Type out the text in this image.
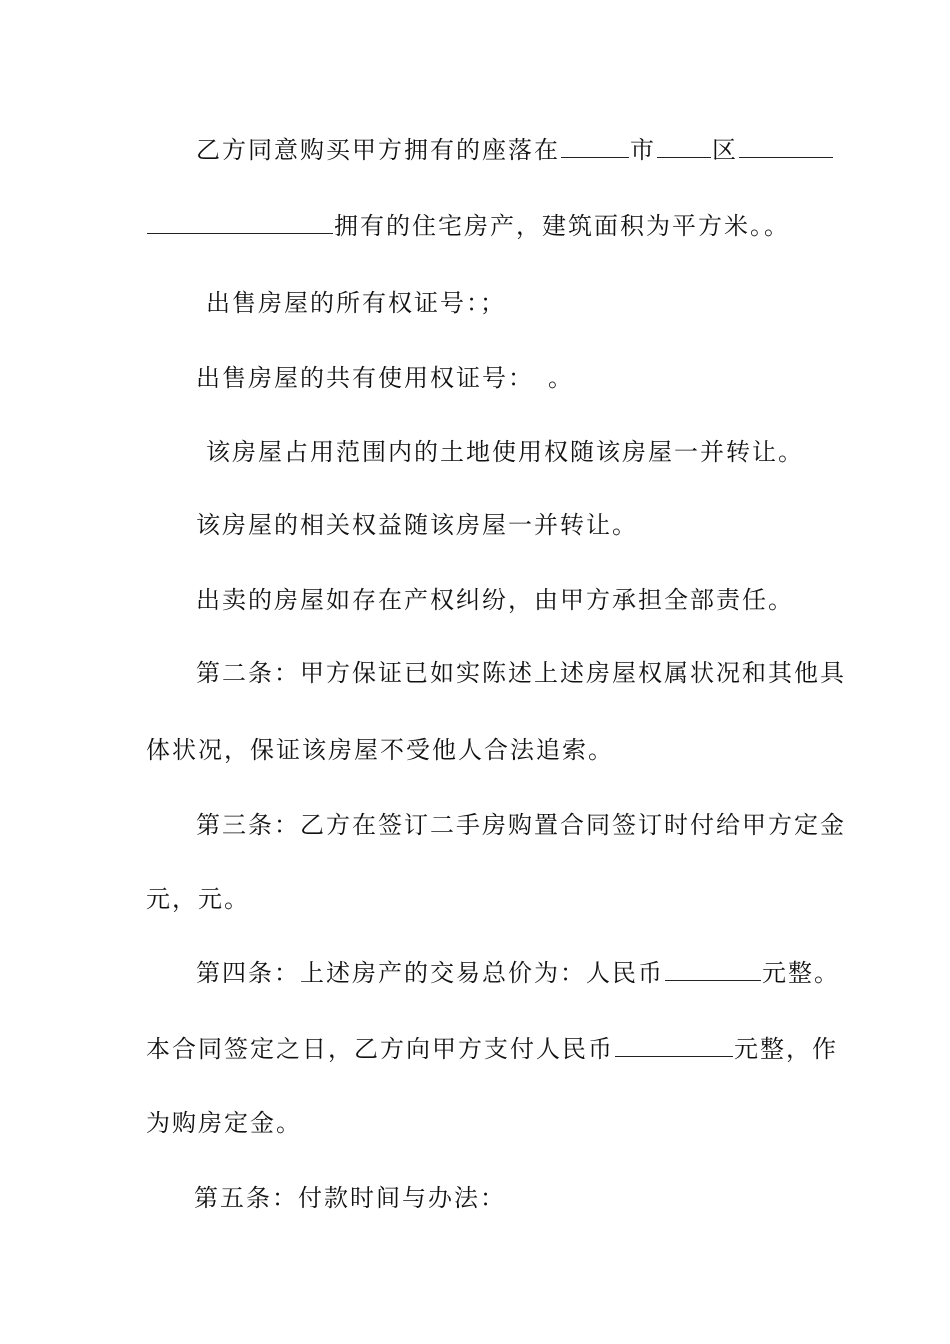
乙方同意购买甲方拥有的座落在	市 区
拥有的住宅房产，建筑面积为平方米。。
出售房屋的所有权证号：；
出售房屋的共有使用权证号：　。
该房屋占用范围内的土地使用权随该房屋一并转让。
该房屋的相关权益随该房屋一并转让。
出卖的房屋如存在产权纠纷，由甲方承担全部责任。
第二条：甲方保证已如实陈述上述房屋权属状况和其他具
体状况，保证该房屋不受他人合法追索。
第三条：乙方在签订二手房购置合同签订时付给甲方定金
元，元。
第四条：上述房产的交易总价为：人民币	元整。
本合同签定之日，乙方向甲方支付人民币	元整，作
为购房定金。
第五条：付款时间与办法：
